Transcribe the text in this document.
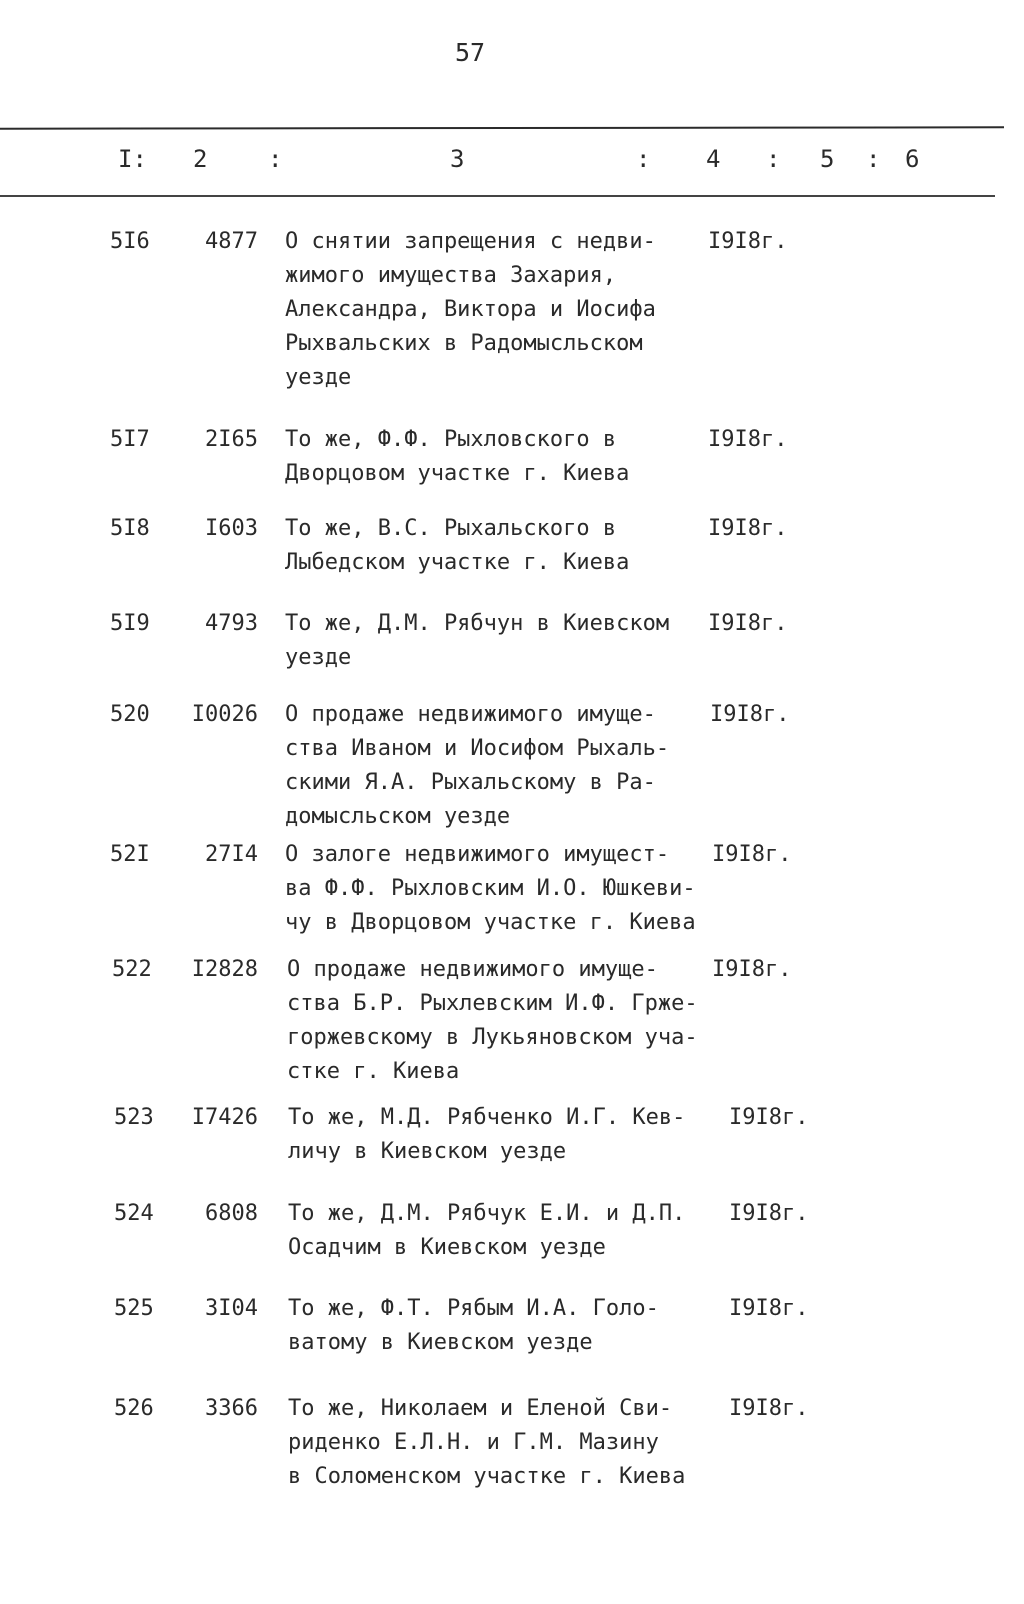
57
I: 2	:	3	: 4 : 5 : 6
5I6	4877 О снятии запрещения с недви-
жимого имущества Захария,
Александра, Виктора и Иосифа
Рыхвальских в Радомысльском
уезде
I9I8г.
5I7	2I65 То же, Ф.Ф. Рыхловского в
Дворцовом участке г. Киева
I9I8г.
5I8	I603 То же, В.С. Рыхальского в
Лыбедском участке г. Киева
I9I8г.
5I9	4793 То же, Д.М. Рябчун в Киевском
уезде
I9I8г.
520	I0026 О продаже недвижимого имуще-
ства Иваном и Иосифом Рыхаль-
скими Я.А. Рыхальскому в Ра-
домысльском уезде
I9I8г.
52I	27I4 О залоге недвижимого имущест-
ва Ф.Ф. Рыхловским И.О. Юшкеви-
чу в Дворцовом участке г. Киева
I9I8г.
522	I2828 О продаже недвижимого имуще-
ства Б.Р. Рыхлевским И.Ф. Грже-
горжевскому в Лукьяновском уча-
стке г. Киева
I9I8г.
523	I7426 То же, М.Д. Рябченко И.Г. Кев-
личу в Киевском уезде
I9I8г.
524	6808 То же, Д.М. Рябчук Е.И. и Д.П.
Осадчим в Киевском уезде
I9I8г.
525	3I04 То же, Ф.Т. Рябым И.А. Голо-
ватому в Киевском уезде
I9I8г.
526	3366 То же, Николаем и Еленой Сви-
риденко Е.Л.Н. и Г.М. Мазину
в Соломенском участке г. Киева
I9I8г.
